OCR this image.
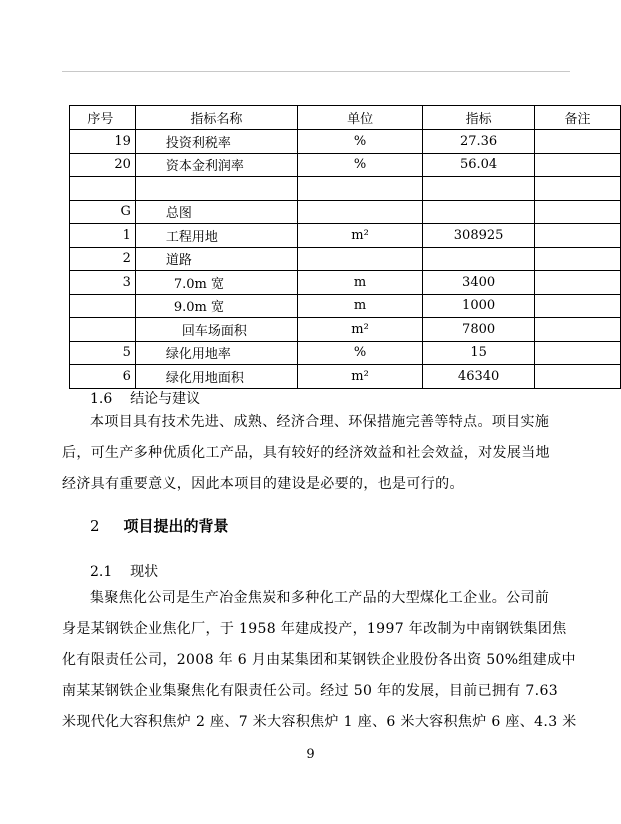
序号	指标名称	单位	指标	备注
19	投资利税率	%	27.36	
20	资本金利润率	%	56.04	

G	总图			
1	工程用地	m²	308925	
2	道路			
3	7.0m 宽	m	3400	
	9.0m 宽	m	1000	
	回车场面积	m²	7800	
5	绿化用地率	%	15	
6	绿化用地面积	m²	46340	
1.6 结论与建议
本项目具有技术先进、成熟、经济合理、环保措施完善等特点。项目实施
后，可生产多种优质化工产品，具有较好的经济效益和社会效益，对发展当地
经济具有重要意义，因此本项目的建设是必要的，也是可行的。
2 项目提出的背景
2.1 现状
集聚焦化公司是生产冶金焦炭和多种化工产品的大型煤化工企业。公司前
身是某钢铁企业焦化厂，于 1958 年建成投产，1997 年改制为中南钢铁集团焦
化有限责任公司，2008 年 6 月由某集团和某钢铁企业股份各出资 50%组建成中
南某某钢铁企业集聚焦化有限责任公司。经过 50 年的发展，目前已拥有 7.63
米现代化大容积焦炉 2 座、7 米大容积焦炉 1 座、6 米大容积焦炉 6 座、4.3 米
9
